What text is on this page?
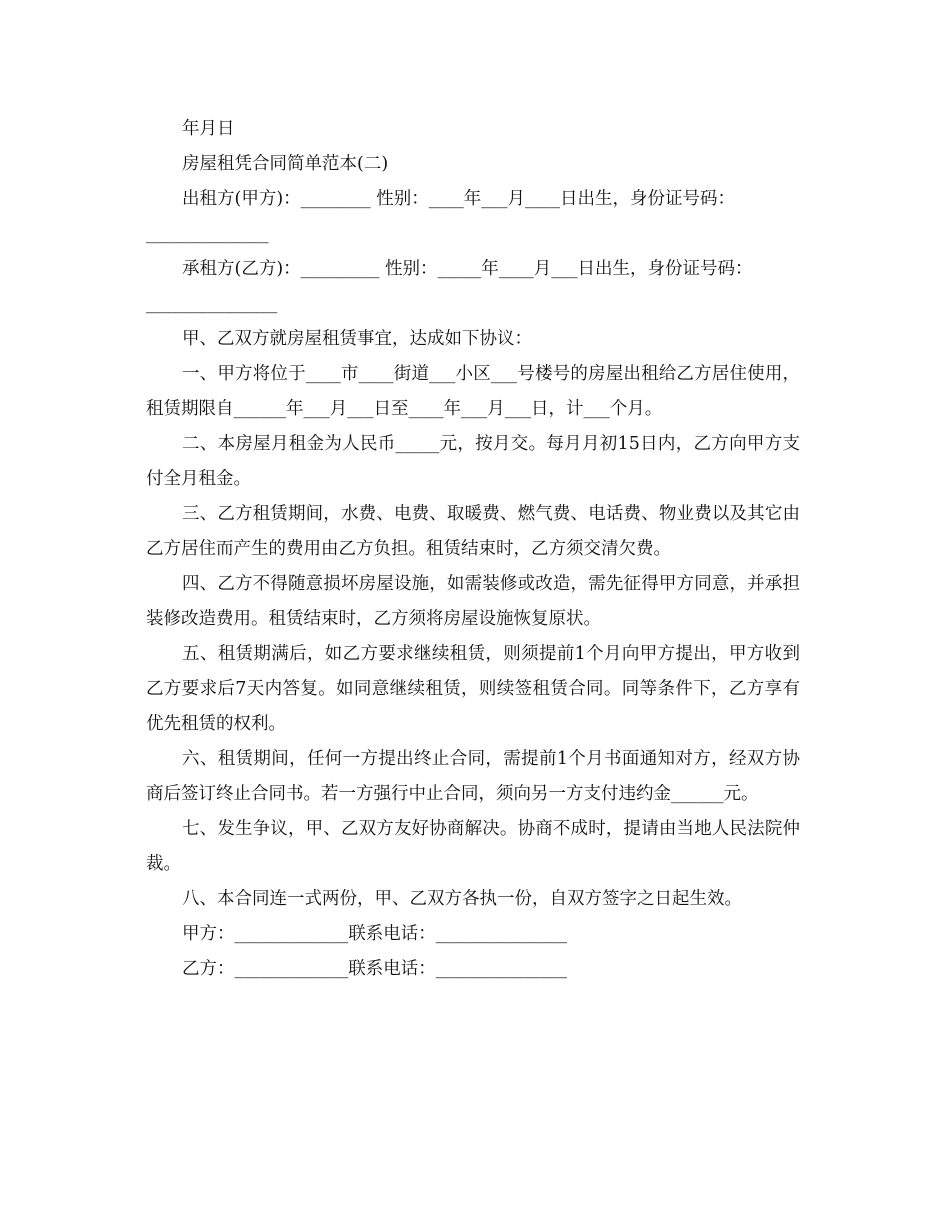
年月日
房屋租凭合同简单范本(二)
出租方(甲方)：________ 性别：____年___月____日出生，身份证号码：
______________
承租方(乙方)：_________ 性别：_____年____月___日出生，身份证号码：
_______________
甲、乙双方就房屋租赁事宜，达成如下协议：
一、甲方将位于____市____街道___小区___号楼号的房屋出租给乙方居住使用，租赁期限自______年___月___日至____年___月___日，计___个月。
二、本房屋月租金为人民币_____元，按月交。每月月初15日内，乙方向甲方支付全月租金。
三、乙方租赁期间，水费、电费、取暖费、燃气费、电话费、物业费以及其它由乙方居住而产生的费用由乙方负担。租赁结束时，乙方须交清欠费。
四、乙方不得随意损坏房屋设施，如需装修或改造，需先征得甲方同意，并承担装修改造费用。租赁结束时，乙方须将房屋设施恢复原状。
五、租赁期满后，如乙方要求继续租赁，则须提前1个月向甲方提出，甲方收到乙方要求后7天内答复。如同意继续租赁，则续签租赁合同。同等条件下，乙方享有优先租赁的权利。
六、租赁期间，任何一方提出终止合同，需提前1个月书面通知对方，经双方协商后签订终止合同书。若一方强行中止合同，须向另一方支付违约金______元。
七、发生争议，甲、乙双方友好协商解决。协商不成时，提请由当地人民法院仲裁。
八、本合同连一式两份，甲、乙双方各执一份，自双方签字之日起生效。
甲方：_____________联系电话：_______________
乙方：_____________联系电话：_______________
